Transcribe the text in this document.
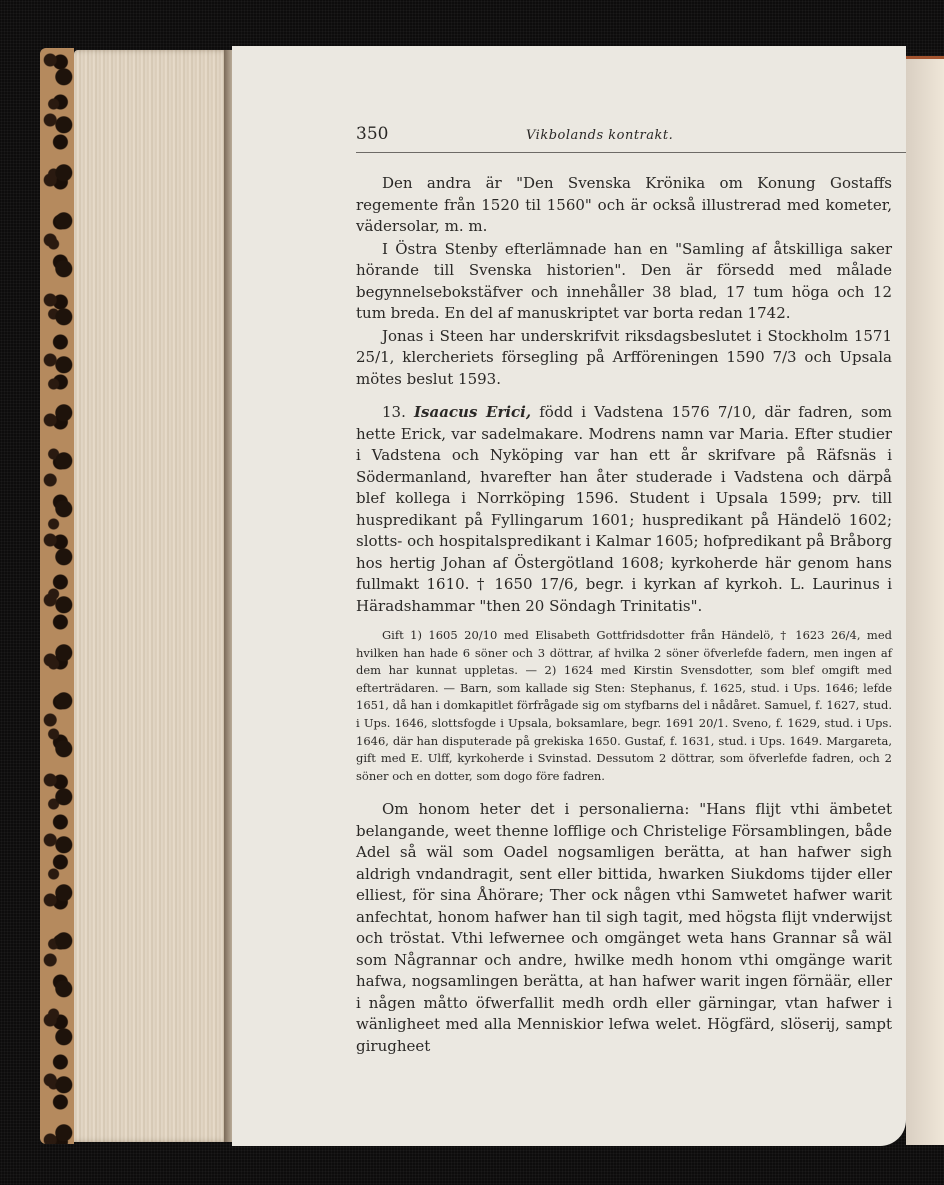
350	Vikbolands kontrakt.

Den andra är "Den Svenska Krönika om Konung Gostaffs regemente från 1520 til 1560" och är också illustrerad med kometer, vädersolar, m. m.

I Östra Stenby efterlämnade han en "Samling af åtskilliga saker hörande till Svenska historien". Den är försedd med målade begynnelsebokstäfver och innehåller 38 blad, 17 tum höga och 12 tum breda. En del af manuskriptet var borta redan 1742.

Jonas i Steen har underskrifvit riksdagsbeslutet i Stockholm 1571 25/1, klercheriets försegling på Arfföreningen 1590 7/3 och Upsala mötes beslut 1593.

13. Isaacus Erici, född i Vadstena 1576 7/10, där fadren, som hette Erick, var sadelmakare. Modrens namn var Maria. Efter studier i Vadstena och Nyköping var han ett år skrifvare på Räfsnäs i Södermanland, hvarefter han åter studerade i Vadstena och därpå blef kollega i Norrköping 1596. Student i Upsala 1599; prv. till huspredikant på Fyllingarum 1601; huspredikant på Händelö 1602; slotts- och hospitalspredikant i Kalmar 1605; hofpredikant på Bråborg hos hertig Johan af Östergötland 1608; kyrkoherde här genom hans fullmakt 1610. † 1650 17/6, begr. i kyrkan af kyrkoh. L. Laurinus i Häradshammar "then 20 Söndagh Trinitatis".

Gift 1) 1605 20/10 med Elisabeth Gottfridsdotter från Händelö, † 1623 26/4, med hvilken han hade 6 söner och 3 döttrar, af hvilka 2 söner öfverlefde fadern, men ingen af dem har kunnat uppletas. — 2) 1624 med Kirstin Svensdotter, som blef omgift med efterträdaren. — Barn, som kallade sig Sten: Stephanus, f. 1625, stud. i Ups. 1646; lefde 1651, då han i domkapitlet förfrågade sig om styfbarns del i nådåret. Samuel, f. 1627, stud. i Ups. 1646, slottsfogde i Upsala, boksamlare, begr. 1691 20/1. Sveno, f. 1629, stud. i Ups. 1646, där han disputerade på grekiska 1650. Gustaf, f. 1631, stud. i Ups. 1649. Margareta, gift med E. Ulff, kyrkoherde i Svinstad. Dessutom 2 döttrar, som öfverlefde fadren, och 2 söner och en dotter, som dogo före fadren.

Om honom heter det i personalierna: "Hans flijt vthi ämbetet belangande, weet thenne lofflige och Christelige Församblingen, både Adel så wäl som Oadel nogsamligen berätta, at han hafwer sigh aldrigh vndandragit, sent eller bittida, hwarken Siukdoms tijder eller elliest, för sina Åhörare; Ther ock någen vthi Samwetet hafwer warit anfechtat, honom hafwer han til sigh tagit, med högsta flijt vnderwijst och tröstat. Vthi lefwernee och omgänget weta hans Grannar så wäl som Någrannar och andre, hwilke medh honom vthi omgänge warit hafwa, nogsamlingen berätta, at han hafwer warit ingen förnäär, eller i någen måtto öfwerfallit medh ordh eller gärningar, vtan hafwer i wänligheet med alla Menniskior lefwa welet. Högfärd, slöserij, sampt girugheet
